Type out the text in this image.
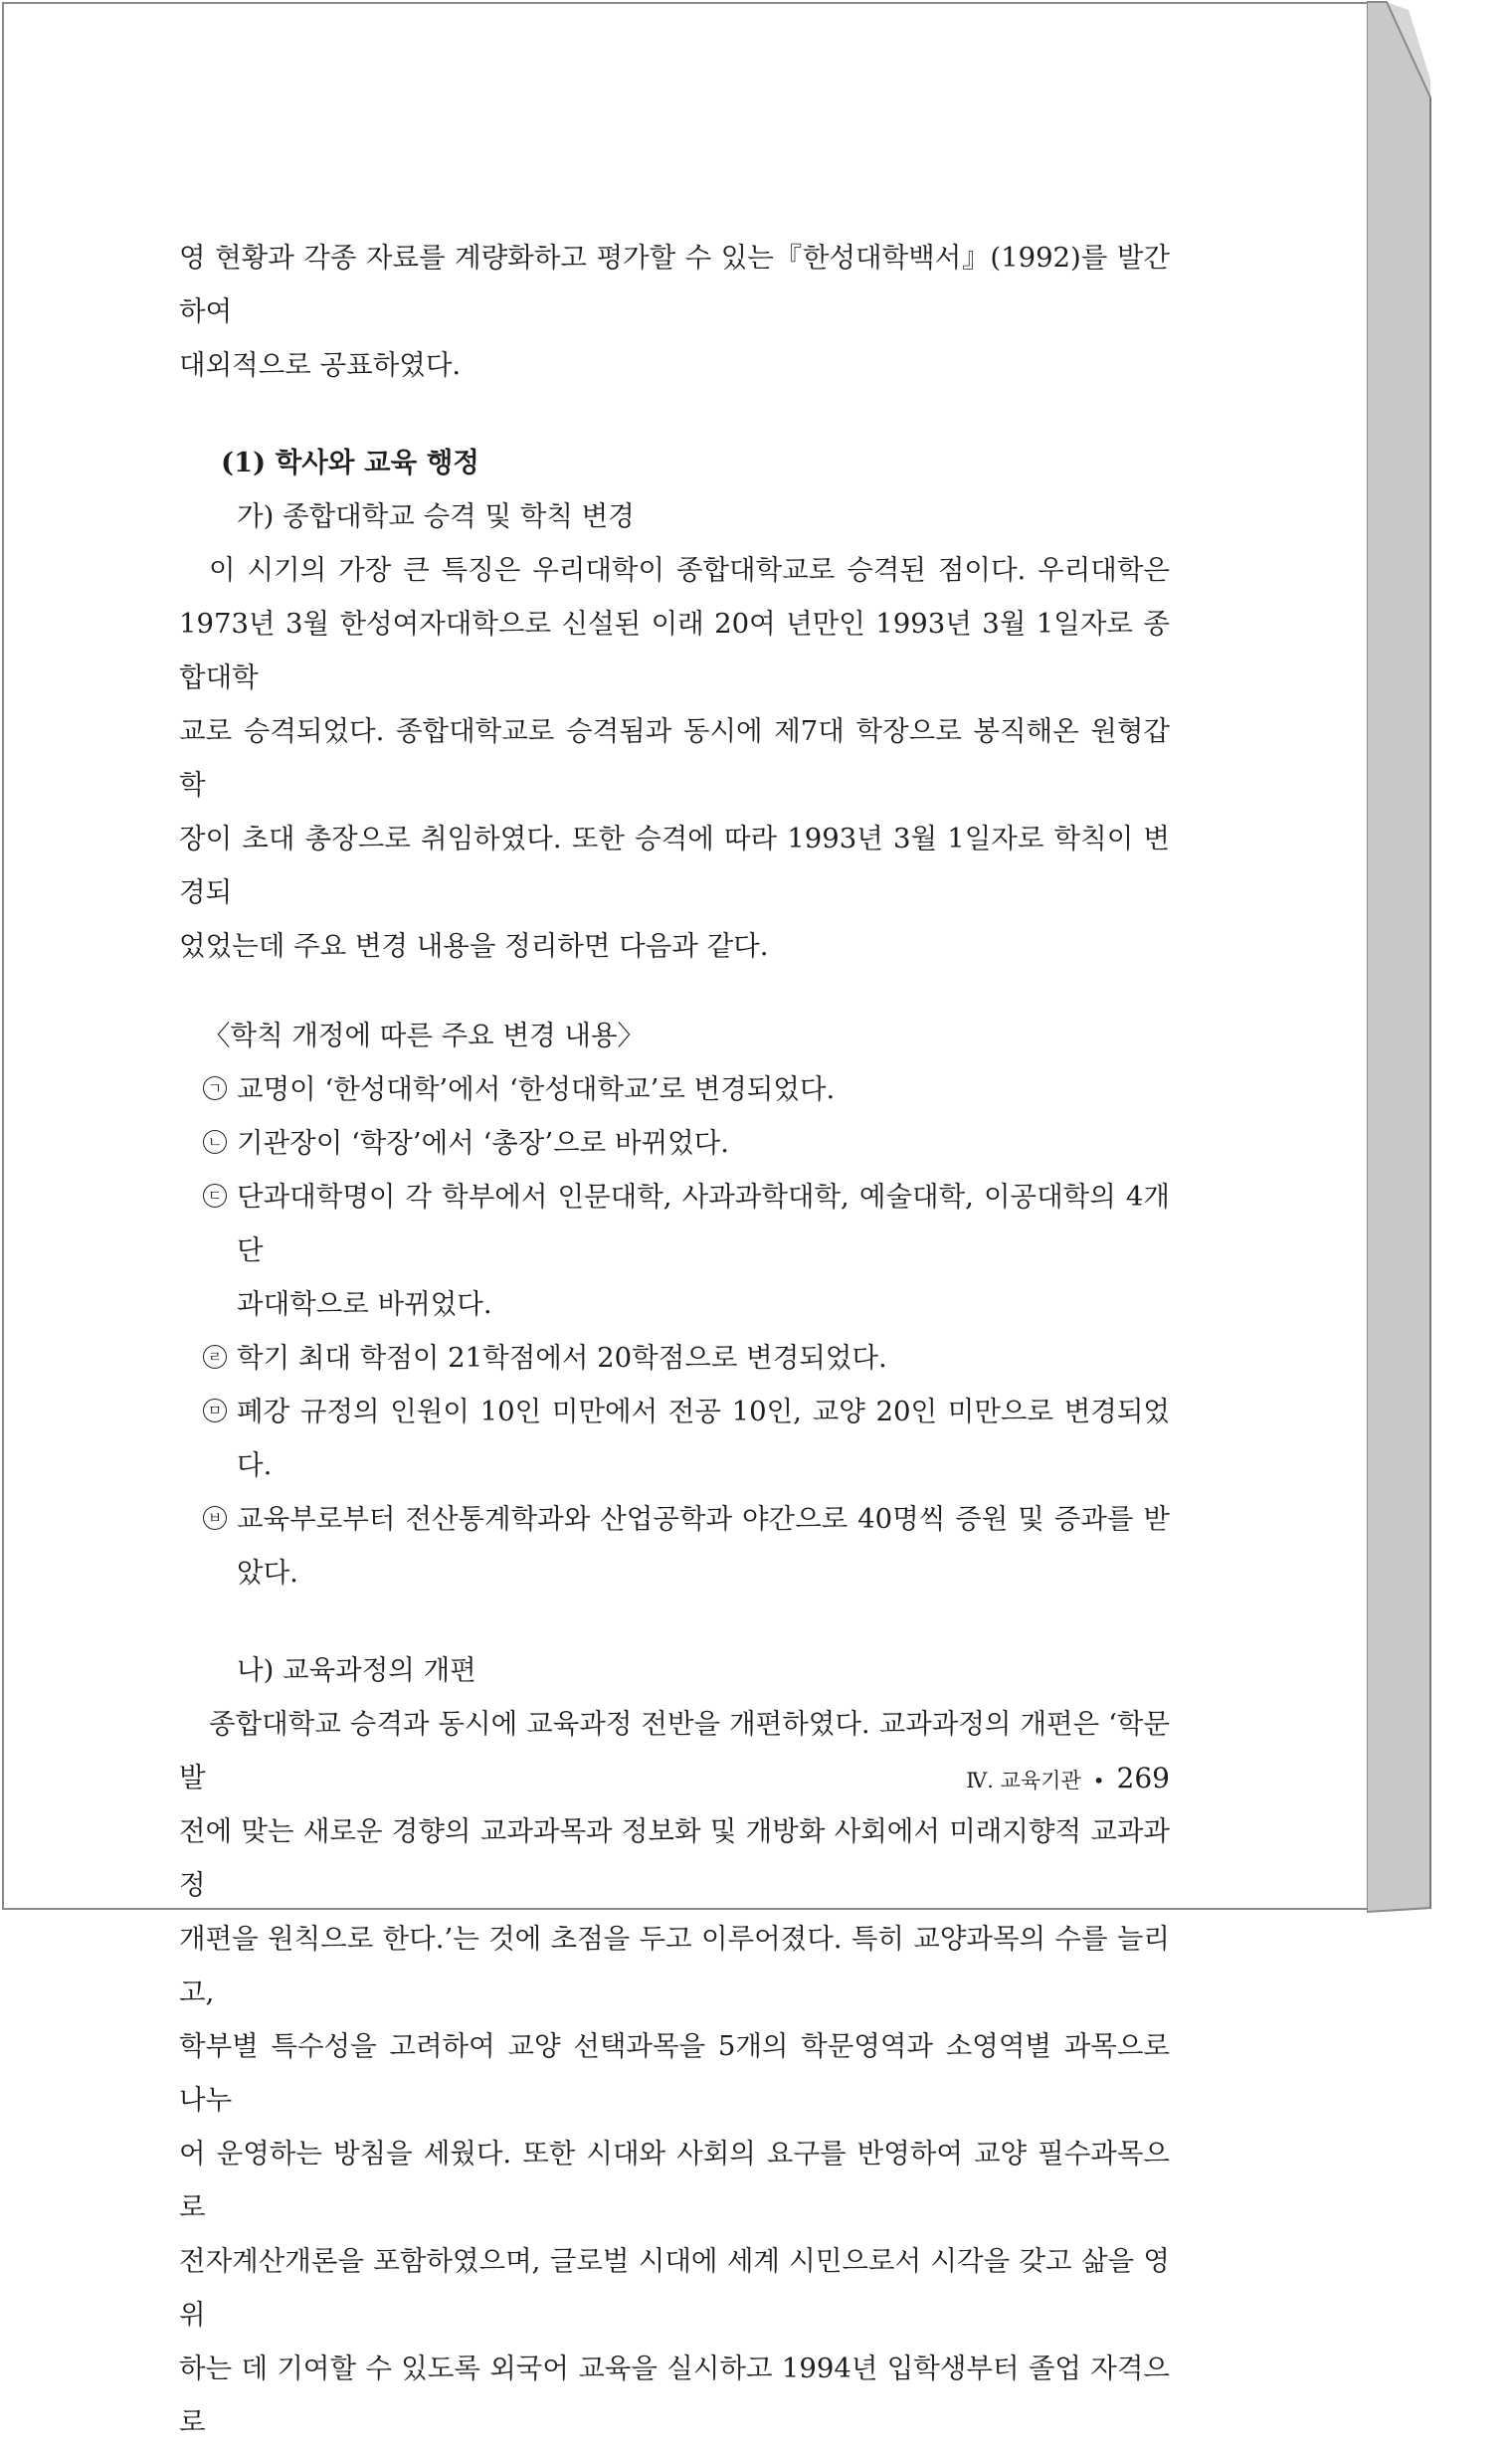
영 현황과 각종 자료를 계량화하고 평가할 수 있는『한성대학백서』(1992)를 발간하여

대외적으로 공표하였다.

(1) 학사와 교육 행정

가) 종합대학교 승격 및 학칙 변경

이 시기의 가장 큰 특징은 우리대학이 종합대학교로 승격된 점이다. 우리대학은

1973년 3월 한성여자대학으로 신설된 이래 20여 년만인 1993년 3월 1일자로 종합대학

교로 승격되었다. 종합대학교로 승격됨과 동시에 제7대 학장으로 봉직해온 원형갑 학

장이 초대 총장으로 취임하였다. 또한 승격에 따라 1993년 3월 1일자로 학칙이 변경되

었었는데 주요 변경 내용을 정리하면 다음과 같다.

〈학칙 개정에 따른 주요 변경 내용〉

ㄱ 교명이 ‘한성대학’에서 ‘한성대학교’로 변경되었다.
ㄴ 기관장이 ‘학장’에서 ‘총장’으로 바뀌었다.
ㄷ 단과대학명이 각 학부에서 인문대학, 사과과학대학, 예술대학, 이공대학의 4개 단

과대학으로 바뀌었다.

ㄹ 학기 최대 학점이 21학점에서 20학점으로 변경되었다.
ㅁ 폐강 규정의 인원이 10인 미만에서 전공 10인, 교양 20인 미만으로 변경되었다.
ㅂ 교육부로부터 전산통계학과와 산업공학과 야간으로 40명씩 증원 및 증과를 받았다.

나) 교육과정의 개편

종합대학교 승격과 동시에 교육과정 전반을 개편하였다. 교과과정의 개편은 ‘학문발

전에 맞는 새로운 경향의 교과과목과 정보화 및 개방화 사회에서 미래지향적 교과과정

개편을 원칙으로 한다.’는 것에 초점을 두고 이루어졌다. 특히 교양과목의 수를 늘리고,

학부별 특수성을 고려하여 교양 선택과목을 5개의 학문영역과 소영역별 과목으로 나누

어 운영하는 방침을 세웠다. 또한 시대와 사회의 요구를 반영하여 교양 필수과목으로

전자계산개론을 포함하였으며, 글로벌 시대에 세계 시민으로서 시각을 갖고 삶을 영위

하는 데 기여할 수 있도록 외국어 교육을 실시하고 1994년 입학생부터 졸업 자격으로

Ⅳ. 교육기관 • 269
